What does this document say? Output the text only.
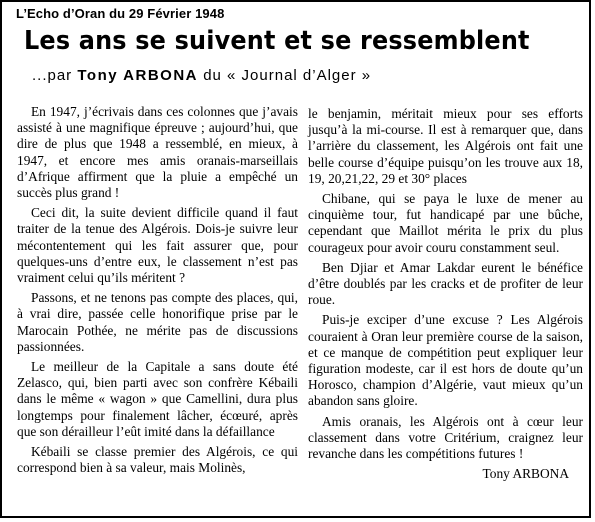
L’Echo d’Oran du 29 Février 1948
Les ans se suivent et se ressemblent
...par Tony ARBONA du « Journal d’Alger »

En 1947, j’écrivais dans ces colonnes que j’avais assisté à une magnifique épreuve ; aujourd’hui, que dire de plus que 1948 a ressemblé, en mieux, à 1947, et encore mes amis oranais-marseillais d’Afrique affirment que la pluie a empêché un succès plus grand !

Ceci dit, la suite devient difficile quand il faut traiter de la tenue des Algérois. Dois-je suivre leur mécontentement qui les fait assurer que, pour quelques-uns d’entre eux, le classement n’est pas vraiment celui qu’ils méritent ?

Passons, et ne tenons pas compte des places, qui, à vrai dire, passée celle honorifique prise par le Marocain Pothée, ne mérite pas de discussions passionnées.

Le meilleur de la Capitale a sans doute été Zelasco, qui, bien parti avec son confrère Kébaili dans le même « wagon » que Camellini, dura plus longtemps pour finalement lâcher, écœuré, après que son dérailleur l’eût imité dans la défaillance

Kébaili se classe premier des Algérois, ce qui correspond bien à sa valeur, mais Molinès,

le benjamin, méritait mieux pour ses efforts jusqu’à la mi-course. Il est à remarquer que, dans l’arrière du classement, les Algérois ont fait une belle course d’équipe puisqu’on les trouve aux 18, 19, 20,21,22, 29 et 30° places

Chibane, qui se paya le luxe de mener au cinquième tour, fut handicapé par une bûche, cependant que Maillot mérita le prix du plus courageux pour avoir couru constamment seul.

Ben Djiar et Amar Lakdar eurent le bénéfice d’être doublés par les cracks et de profiter de leur roue.

Puis-je exciper d’une excuse ? Les Algérois couraient à Oran leur première course de la saison, et ce manque de compétition peut expliquer leur figuration modeste, car il est hors de doute qu’un Horosco, champion d’Algérie, vaut mieux qu’un abandon sans gloire.

Amis oranais, les Algérois ont à cœur leur classement dans votre Critérium, craignez leur revanche dans les compétitions futures !

Tony ARBONA
